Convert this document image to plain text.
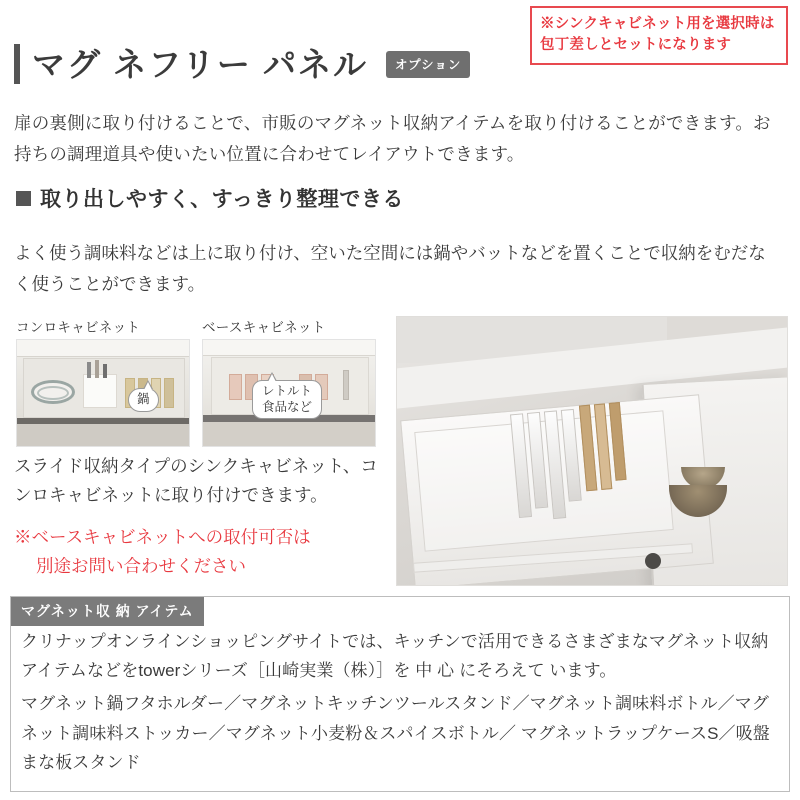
※シンクキャビネット用を選択時は包丁差しとセットになります
マグ ネフリー パネル	オプション
扉の裏側に取り付けることで、市販のマグネット収納アイテムを取り付けることができます。お持ちの調理道具や使いたい位置に合わせてレイアウトできます。
取り出しやすく、すっきり整理できる
よく使う調味料などは上に取り付け、空いた空間には鍋やバットなどを置くことで収納をむだなく使うことができます。
コンロキャビネット	ベースキャビネット
鍋
レトルト食品など
スライド収納タイプのシンクキャビネット、コンロキャビネットに取り付けできます。
※ベースキャビネットへの取付可否は
別途お問い合わせください
マグネット収 納 アイテム

クリナップオンラインショッピングサイトでは、キッチンで活用できるさまざまなマグネット収納アイテムなどをtowerシリーズ［山崎実業（株）］を 中 心 にそろえて います。

マグネット鍋フタホルダー／マグネットキッチンツールスタンド／マグネット調味料ボトル／マグネット調味料ストッカー／マグネット小麦粉＆スパイスボトル／ マグネットラップケースS／吸盤まな板スタンド
